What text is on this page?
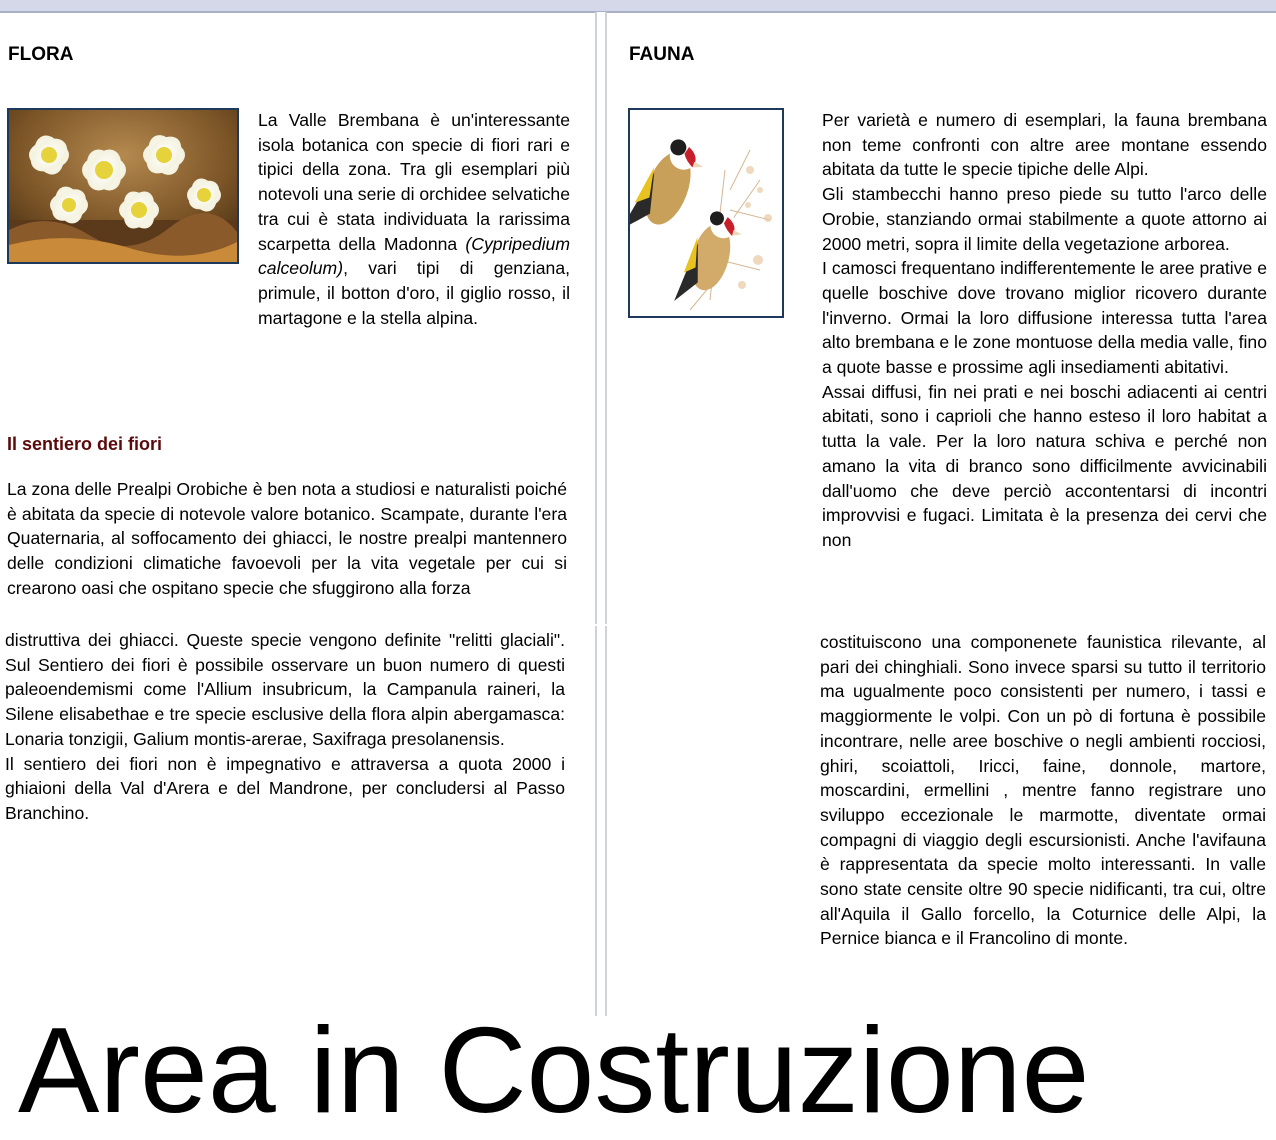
FLORA

La Valle Brembana è un'interessante isola botanica con specie di fiori rari e tipici della zona. Tra gli esemplari più notevoli una serie di orchidee selvatiche tra cui è stata individuata la rarissima scarpetta della Madonna (Cypripedium calceolum), vari tipi di genziana, primule, il botton d'oro, il giglio rosso, il martagone e la stella alpina.

Il sentiero dei fiori

La zona delle Prealpi Orobiche è ben nota a studiosi e naturalisti poiché è abitata da specie di notevole valore botanico. Scampate, durante l'era Quaternaria, al soffocamento dei ghiacci, le nostre prealpi mantennero delle condizioni climatiche favoevoli per la vita vegetale per cui si crearono oasi che ospitano specie che sfuggirono alla forza

distruttiva dei ghiacci. Queste specie vengono definite "relitti glaciali". Sul Sentiero dei fiori è possibile osservare un buon numero di questi paleoendemismi come l'Allium insubricum, la Campanula raineri, la Silene elisabethae e tre specie esclusive della flora alpin abergamasca: Lonaria tonzigii, Galium montis-arerae, Saxifraga presolanensis.

Il sentiero dei fiori non è impegnativo e attraversa a quota 2000 i ghiaioni della Val d'Arera e del Mandrone, per concludersi al Passo Branchino.

FAUNA

Per varietà e numero di esemplari, la fauna brembana non teme confronti con altre aree montane essendo abitata da tutte le specie tipiche delle Alpi.

Gli stambecchi hanno preso piede su tutto l'arco delle Orobie, stanziando ormai stabilmente a quote attorno ai 2000 metri, sopra il limite della vegetazione arborea.

I camosci frequentano indifferentemente le aree prative e quelle boschive dove trovano miglior ricovero durante l'inverno. Ormai la loro diffusione interessa tutta l'area alto brembana e le zone montuose della media valle, fino a quote basse e prossime agli insediamenti abitativi.

Assai diffusi, fin nei prati e nei boschi adiacenti ai centri abitati, sono i caprioli che hanno esteso il loro habitat a tutta la vale. Per la loro natura schiva e perché non amano la vita di branco sono difficilmente avvicinabili dall'uomo che deve perciò accontentarsi di incontri improvvisi e fugaci. Limitata è la presenza dei cervi che non

costituiscono una componenete faunistica rilevante, al pari dei chinghiali. Sono invece sparsi su tutto il territorio ma ugualmente poco consistenti per numero, i tassi e maggiormente le volpi. Con un pò di fortuna è possibile incontrare, nelle aree boschive o negli ambienti rocciosi, ghiri, scoiattoli, Iricci, faine, donnole, martore, moscardini, ermellini , mentre fanno registrare uno sviluppo eccezionale le marmotte, diventate ormai compagni di viaggio degli escursionisti. Anche l'avifauna è rappresentata da specie molto interessanti. In valle sono state censite oltre 90 specie nidificanti, tra cui, oltre all'Aquila il Gallo forcello, la Coturnice delle Alpi, la Pernice bianca e il Francolino di monte.

Area in Costruzione
